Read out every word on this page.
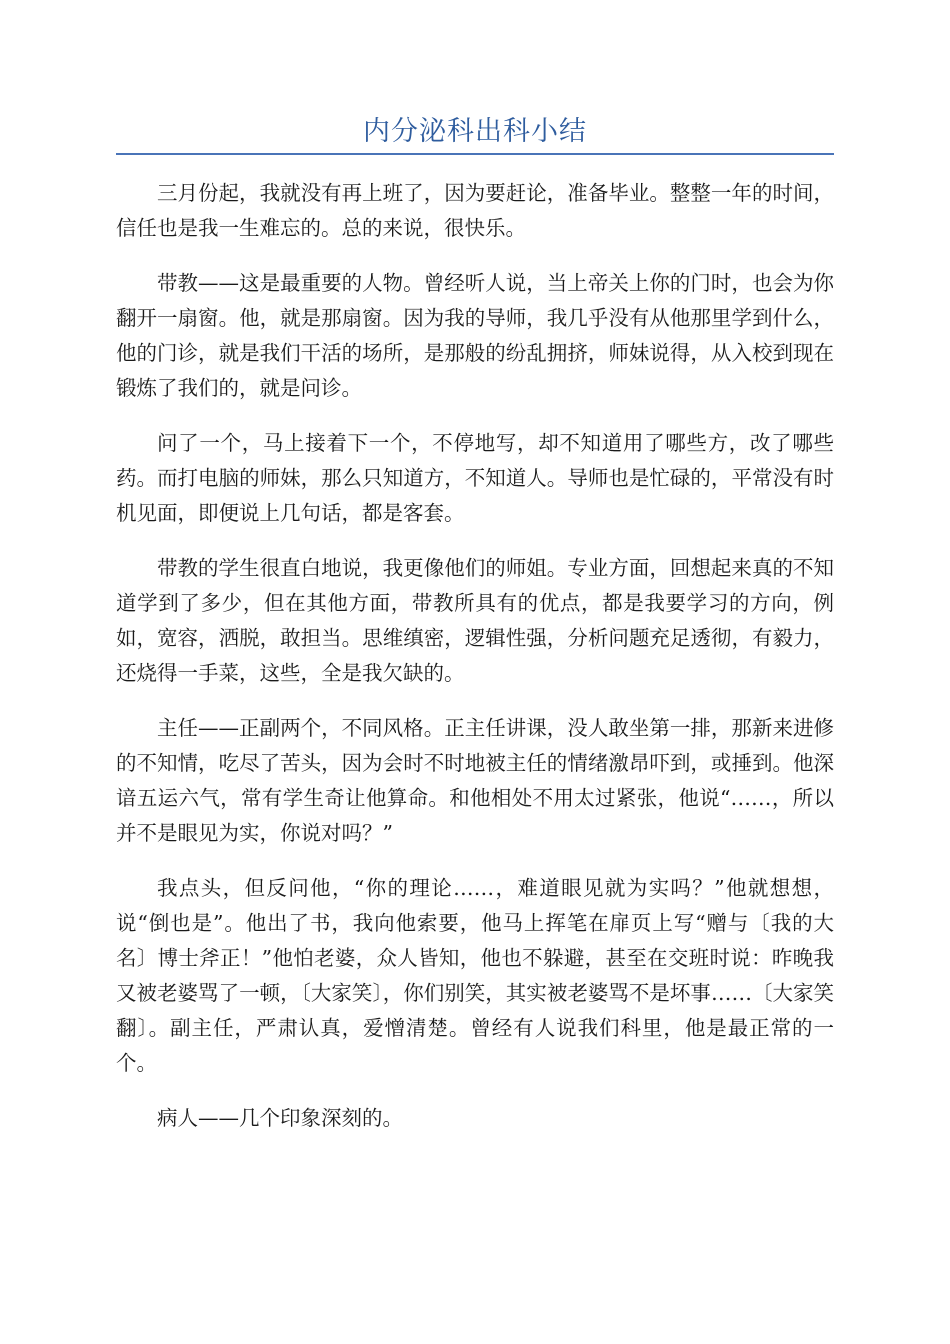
内分泌科出科小结

三月份起，我就没有再上班了，因为要赶论，准备毕业。整整一年的时间，信任也是我一生难忘的。总的来说，很快乐。

带教——这是最重要的人物。曾经听人说，当上帝关上你的门时，也会为你翻开一扇窗。他，就是那扇窗。因为我的导师，我几乎没有从他那里学到什么，他的门诊，就是我们干活的场所，是那般的纷乱拥挤，师妹说得，从入校到现在锻炼了我们的，就是问诊。

问了一个，马上接着下一个，不停地写，却不知道用了哪些方，改了哪些药。而打电脑的师妹，那么只知道方，不知道人。导师也是忙碌的，平常没有时机见面，即便说上几句话，都是客套。

带教的学生很直白地说，我更像他们的师姐。专业方面，回想起来真的不知道学到了多少，但在其他方面，带教所具有的优点，都是我要学习的方向，例如，宽容，洒脱，敢担当。思维缜密，逻辑性强，分析问题充足透彻，有毅力，还烧得一手菜，这些，全是我欠缺的。

主任——正副两个，不同风格。正主任讲课，没人敢坐第一排，那新来进修的不知情，吃尽了苦头，因为会时不时地被主任的情绪激昂吓到，或捶到。他深谙五运六气，常有学生奇让他算命。和他相处不用太过紧张，他说“……，所以并不是眼见为实，你说对吗？”

我点头，但反问他，“你的理论……，难道眼见就为实吗？”他就想想，说“倒也是”。他出了书，我向他索要，他马上挥笔在扉页上写“赠与〔我的大名〕博士斧正！”他怕老婆，众人皆知，他也不躲避，甚至在交班时说：昨晚我又被老婆骂了一顿，〔大家笑〕，你们别笑，其实被老婆骂不是坏事……〔大家笑翻〕。副主任，严肃认真，爱憎清楚。曾经有人说我们科里，他是最正常的一个。

病人——几个印象深刻的。
